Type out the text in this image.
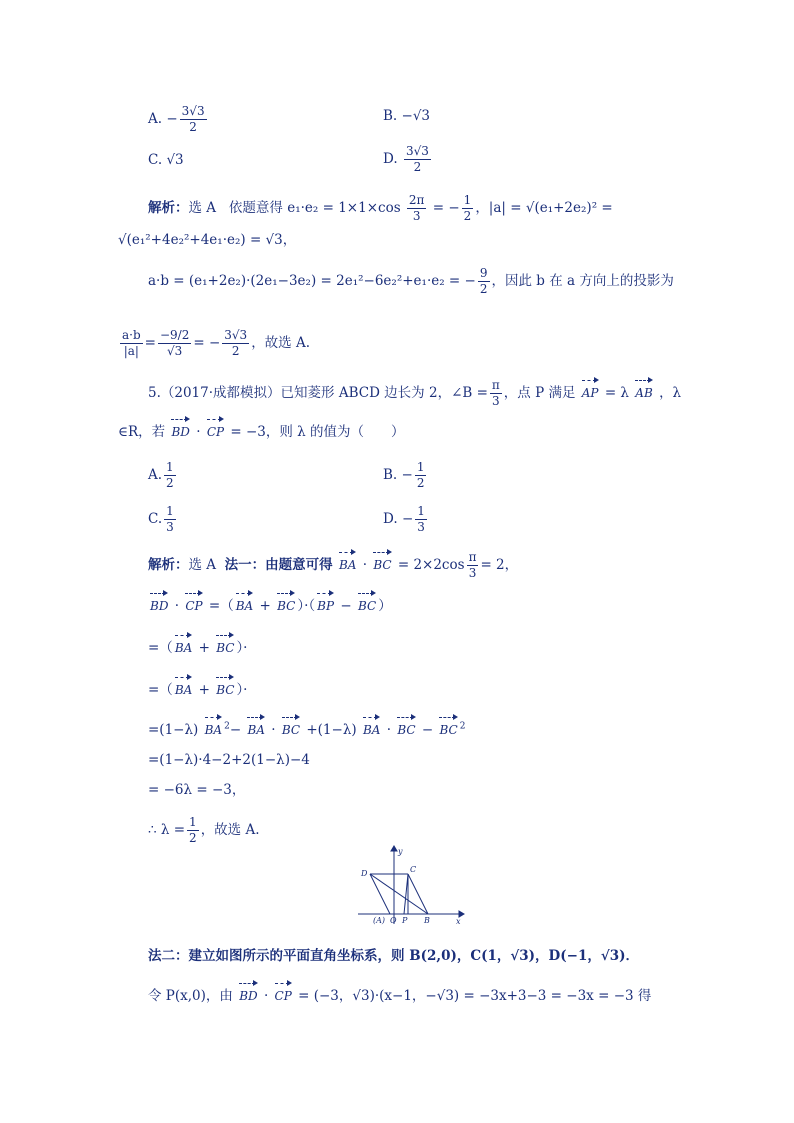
A. − $\frac{3√3}{2}$	B. −√3
C. √3	D. $\frac{3√3}{2}$
解析：选 A 依题意得 $e_1\cdot e_2 = 1\times 1\times\cos \frac{2\pi}{3}$ = − $\frac{1}{2}$ ，|a| = √(e₁+2e₂)² =
√(e₁²+4e₂²+4e₁·e₂) = √3，
a·b = (e₁+2e₂)·(2e₁−3e₂) = 2e₁²−6e₂²+e₁·e₂ = − $\frac{9}{2}$ ，因此 b 在 a 方向上的投影为
$\frac{a\cdot b}{|a|} = \frac{-9/2}{√3}$ = − $\frac{3√3}{2}$ ，故选 A.
5.（2017·成都模拟）已知菱形 ABCD 边长为 2，∠B = $\frac{\pi}{3}$ ，点 P 满足 AP = λ AB ，λ
∈R，若 BD · CP = −3，则 λ 的值为（　　）
A. $\frac{1}{2}$	B. − $\frac{1}{2}$
C. $\frac{1}{3}$	D. − $\frac{1}{3}$
解析：选 A 法一：由题意可得 BA · BC = $2\times 2\cos \frac{\pi}{3} = 2$，
BD · CP =（ BA + BC ）·（ BP − BC ）
=（ BA + BC ）·
=（ BA + BC ）·
=(1−λ) BA $^2$− BA · BC +(1−λ) BA · BC − BC $^2$
=(1−λ)·4−2+2(1−λ)−4
= −6λ = −3，
∴ $\lambda = \frac{1}{2}$ ，故选 A.
y
x
D	C
(A) O P B
法二：建立如图所示的平面直角坐标系，则 B(2,0)，C(1，√3)，D(−1，√3)．
令 P(x,0)，由 BD · CP = (−3，√3)·(x−1，−√3) = −3x+3−3 = −3x = −3 得
